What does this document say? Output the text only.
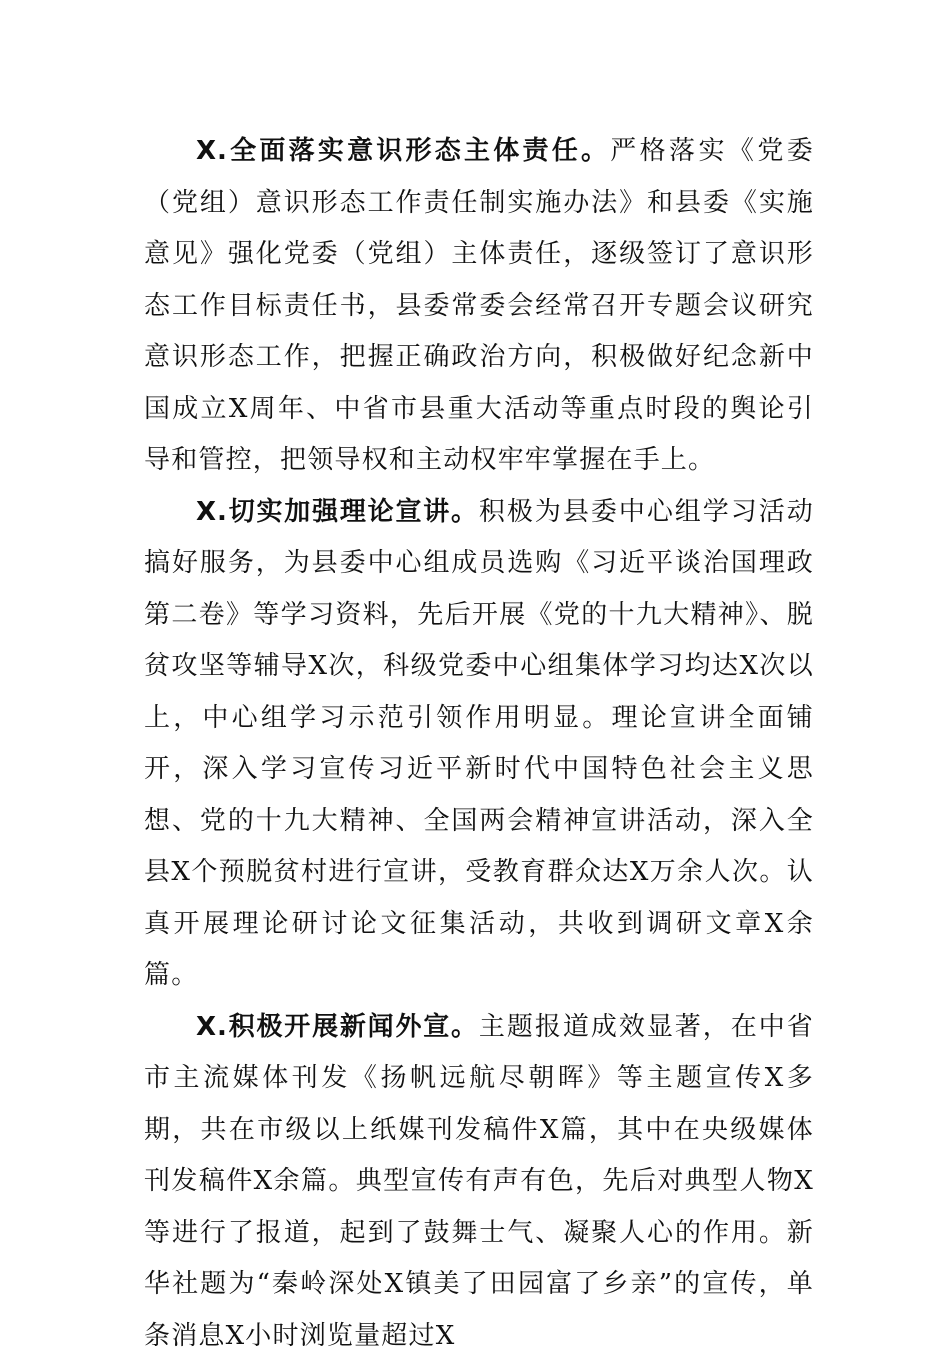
X.全面落实意识形态主体责任。严格落实《党委（党组）意识形态工作责任制实施办法》和县委《实施意见》强化党委（党组）主体责任，逐级签订了意识形态工作目标责任书，县委常委会经常召开专题会议研究意识形态工作，把握正确政治方向，积极做好纪念新中国成立X周年、中省市县重大活动等重点时段的舆论引导和管控，把领导权和主动权牢牢掌握在手上。

X.切实加强理论宣讲。积极为县委中心组学习活动搞好服务，为县委中心组成员选购《习近平谈治国理政第二卷》等学习资料，先后开展《党的十九大精神》、脱贫攻坚等辅导X次，科级党委中心组集体学习均达X次以上，中心组学习示范引领作用明显。理论宣讲全面铺开，深入学习宣传习近平新时代中国特色社会主义思想、党的十九大精神、全国两会精神宣讲活动，深入全县X个预脱贫村进行宣讲，受教育群众达X万余人次。认真开展理论研讨论文征集活动，共收到调研文章X余篇。

X.积极开展新闻外宣。主题报道成效显著，在中省市主流媒体刊发《扬帆远航尽朝晖》等主题宣传X多期，共在市级以上纸媒刊发稿件X篇，其中在央级媒体刊发稿件X余篇。典型宣传有声有色，先后对典型人物X等进行了报道，起到了鼓舞士气、凝聚人心的作用。新华社题为“秦岭深处X镇美了田园富了乡亲”的宣传，单条消息X小时浏览量超过X
